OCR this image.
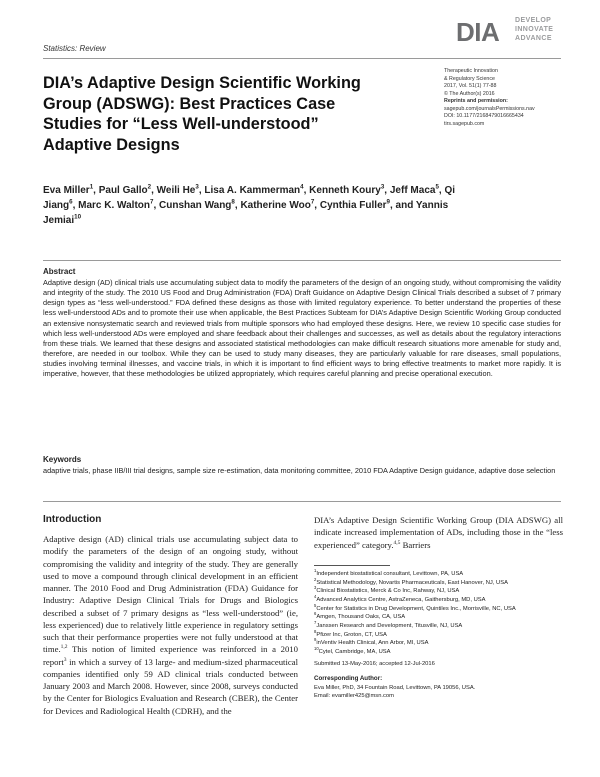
Statistics: Review
DIA DEVELOP
INNOVATE
ADVANCE
Therapeutic Innovation
& Regulatory Science
2017, Vol. 51(1) 77-88
© The Author(s) 2016
Reprints and permission:
sagepub.com/journalsPermissions.nav
DOI: 10.1177/2168479016665434
tirs.sagepub.com
DIA’s Adaptive Design Scientific Working Group (ADSWG): Best Practices Case Studies for “Less Well-understood” Adaptive Designs
Eva Miller$^1$, Paul Gallo$^2$, Weili He$^3$, Lisa A. Kammerman$^4$, Kenneth Koury$^3$, Jeff Maca$^5$, Qi Jiang$^6$, Marc K. Walton$^7$, Cunshan Wang$^8$, Katherine Woo$^7$, Cynthia Fuller$^9$, and Yannis Jemiai$^{10}$
Abstract
Adaptive design (AD) clinical trials use accumulating subject data to modify the parameters of the design of an ongoing study, without compromising the validity and integrity of the study. The 2010 US Food and Drug Administration (FDA) Draft Guidance on Adaptive Design Clinical Trials described a subset of 7 primary design types as “less well-understood.” FDA defined these designs as those with limited regulatory experience. To better understand the properties of these less well-understood ADs and to promote their use when applicable, the Best Practices Subteam for DIA’s Adaptive Design Scientific Working Group conducted an extensive nonsystematic search and reviewed trials from multiple sponsors who had employed these designs. Here, we review 10 specific case studies for which less well-understood ADs were employed and share feedback about their challenges and successes, as well as details about the regulatory interactions from these trials. We learned that these designs and associated statistical methodologies can make difficult research situations more amenable for study and, therefore, are needed in our toolbox. While they can be used to study many diseases, they are particularly valuable for rare diseases, small populations, studies involving terminal illnesses, and vaccine trials, in which it is important to find efficient ways to bring effective treatments to market more rapidly. It is imperative, however, that these methodologies be utilized appropriately, which requires careful planning and precise operational execution.
Keywords
adaptive trials, phase IIB/III trial designs, sample size re-estimation, data monitoring committee, 2010 FDA Adaptive Design guidance, adaptive dose selection
Introduction
Adaptive design (AD) clinical trials use accumulating subject data to modify the parameters of the design of an ongoing study, without compromising the validity and integrity of the study. They are generally used to move a compound through clinical development in an efficient manner. The 2010 Food and Drug Administration (FDA) Guidance for Industry: Adaptive Design Clinical Trials for Drugs and Biologics described a subset of 7 primary designs as “less well-understood” (ie, less experienced) due to relatively little experience in regulatory settings such that their performance properties were not fully understood at that time.$^{1,2}$ This notion of limited experience was reinforced in a 2010 report$^3$ in which a survey of 13 large- and medium-sized pharmaceutical companies identified only 59 AD clinical trials conducted between January 2003 and March 2008. However, since 2008, surveys conducted by the Center for Biologics Evaluation and Research (CBER), the Center for Devices and Radiological Health (CDRH), and the
DIA’s Adaptive Design Scientific Working Group (DIA ADSWG) all indicate increased implementation of ADs, including those in the “less experienced” category.$^{4,5}$ Barriers
$^1$Independent biostatistical consultant, Levittown, PA, USA
$^2$Statistical Methodology, Novartis Pharmaceuticals, East Hanover, NJ, USA
$^3$Clinical Biostatistics, Merck & Co Inc, Rahway, NJ, USA
$^4$Advanced Analytics Centre, AstraZeneca, Gaithersburg, MD, USA
$^5$Center for Statistics in Drug Development, Quintiles Inc., Morrisville, NC, USA
$^6$Amgen, Thousand Oaks, CA, USA
$^7$Janssen Research and Development, Titusville, NJ, USA
$^8$Pfizer Inc, Groton, CT, USA
$^9$inVentiv Health Clinical, Ann Arbor, MI, USA
$^{10}$Cytel, Cambridge, MA, USA
Submitted 13-May-2016; accepted 12-Jul-2016
Corresponding Author:
Eva Miller, PhD, 34 Fountain Road, Levittown, PA 19056, USA.
Email: evamiller425@msn.com
